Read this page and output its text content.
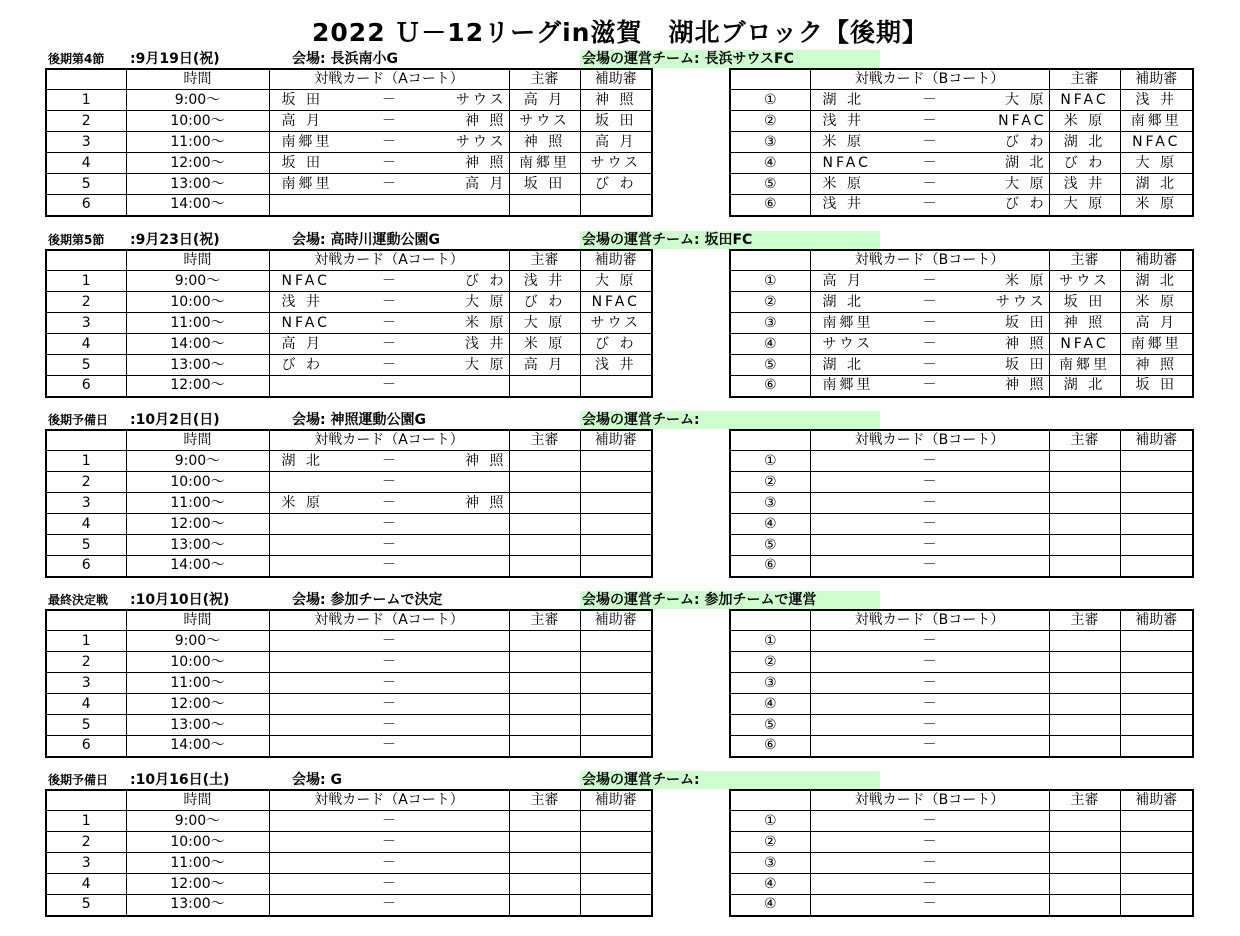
2022 Ｕ－12リーグin滋賀　湖北ブロック【後期】
後期第4節 :9月19日(祝)	会場: 長浜南小G	会場の運営チーム: 長浜サウスFC
	時間	対戦カード（Aコート）	主審	補助審
1	9:00～	坂 田 － サウス	高 月	神 照
2	10:00～	高 月 － 神 照	サウス	坂 田
3	11:00～	南郷里 － サウス	神 照	高 月
4	12:00～	坂 田 － 神 照	南郷里	サウス
5	13:00～	南郷里 － 高 月	坂 田	び わ
6	14:00～			
	対戦カード（Bコート）	主審	補助審
①	湖 北 － 大 原	NFAC	浅 井
②	浅 井 － NFAC	米 原	南郷里
③	米 原 － び わ	湖 北	NFAC
④	NFAC － 湖 北	び わ	大 原
⑤	米 原 － 大 原	浅 井	湖 北
⑥	浅 井 － び わ	大 原	米 原
後期第5節 :9月23日(祝)	会場: 高時川運動公園G	会場の運営チーム: 坂田FC
	時間	対戦カード（Aコート）	主審	補助審
1	9:00～	NFAC － び わ	浅 井	大 原
2	10:00～	浅 井 － 大 原	び わ	NFAC
3	11:00～	NFAC － 米 原	大 原	サウス
4	14:00～	高 月 － 浅 井	米 原	び わ
5	13:00～	び わ － 大 原	高 月	浅 井
6	12:00～	－		

	対戦カード（Bコート）	主審	補助審
①	高 月 － 米 原	サウス	湖 北
②	湖 北 － サウス	坂 田	米 原
③	南郷里 － 坂 田	神 照	高 月
④	サウス － 神 照	NFAC	南郷里
⑤	湖 北 － 坂 田	南郷里	神 照
⑥	南郷里 － 神 照	湖 北	坂 田
後期予備日 :10月2日(日)	会場: 神照運動公園G	会場の運営チーム:
	時間	対戦カード（Aコート）	主審	補助審
1	9:00～	湖 北 － 神 照		

2	10:00～	－		

3	11:00～	米 原 － 神 照		

4	12:00～	－		

5	13:00～	－		

6	14:00～	－		

	対戦カード（Bコート）	主審	補助審
①	－		

②	－		

③	－		

④	－		

⑤	－		

⑥	－		

最終決定戦 :10月10日(祝)	会場: 参加チームで決定	会場の運営チーム: 参加チームで運営
	時間	対戦カード（Aコート）	主審	補助審
1	9:00～	－		

2	10:00～	－		

3	11:00～	－		

4	12:00～	－		

5	13:00～	－		

6	14:00～	－		

	対戦カード（Bコート）	主審	補助審
①	－		

②	－		

③	－		

④	－		

⑤	－		

⑥	－		

後期予備日 :10月16日(土)	会場: G	会場の運営チーム:
	時間	対戦カード（Aコート）	主審	補助審
1	9:00～	－		

2	10:00～	－		

3	11:00～	－		

4	12:00～	－		

5	13:00～	－		

	対戦カード（Bコート）	主審	補助審
①	－		

②	－		

③	－		

④	－		

④	－		
